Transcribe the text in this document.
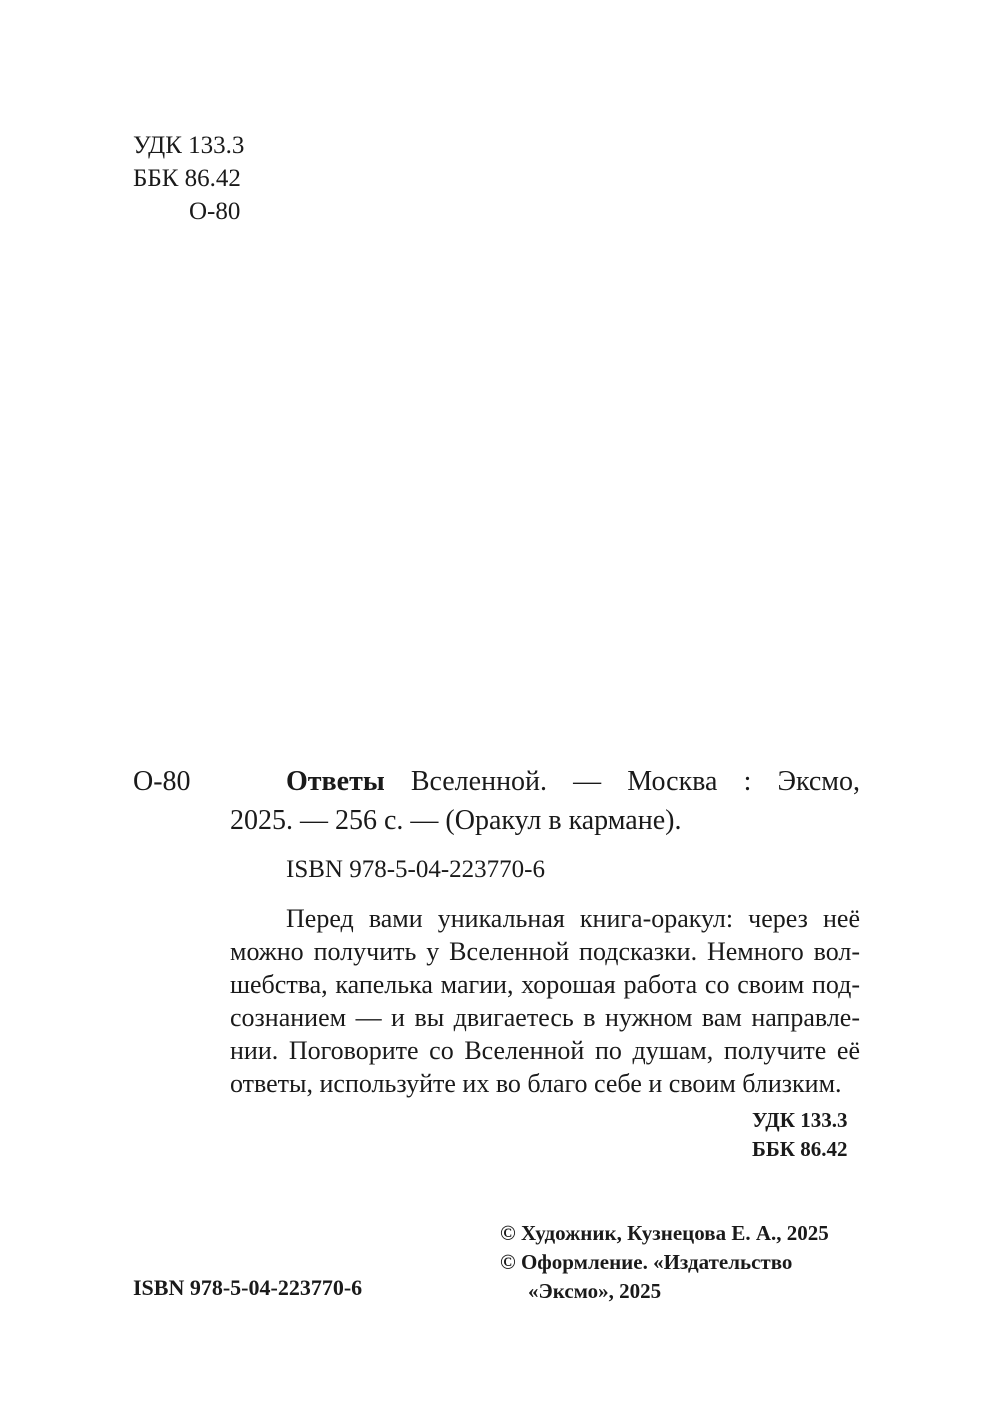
УДК 133.3
ББК 86.42
О-80
О-80	Ответы Вселенной. — Москва : Эксмо,
2025. — 256 с. — (Оракул в кармане).
ISBN 978-5-04-223770-6
Перед вами уникальная книга-оракул: через неё
можно получить у Вселенной подсказки. Немного вол-
шебства, капелька магии, хорошая работа со своим под-
сознанием — и вы двигаетесь в нужном вам направле-
нии. Поговорите со Вселенной по душам, получите её
ответы, используйте их во благо себе и своим близким.
УДК 133.3
ББК 86.42
ISBN 978-5-04-223770-6
© Художник, Кузнецова Е. А., 2025
© Оформление. «Издательство
«Эксмо», 2025
